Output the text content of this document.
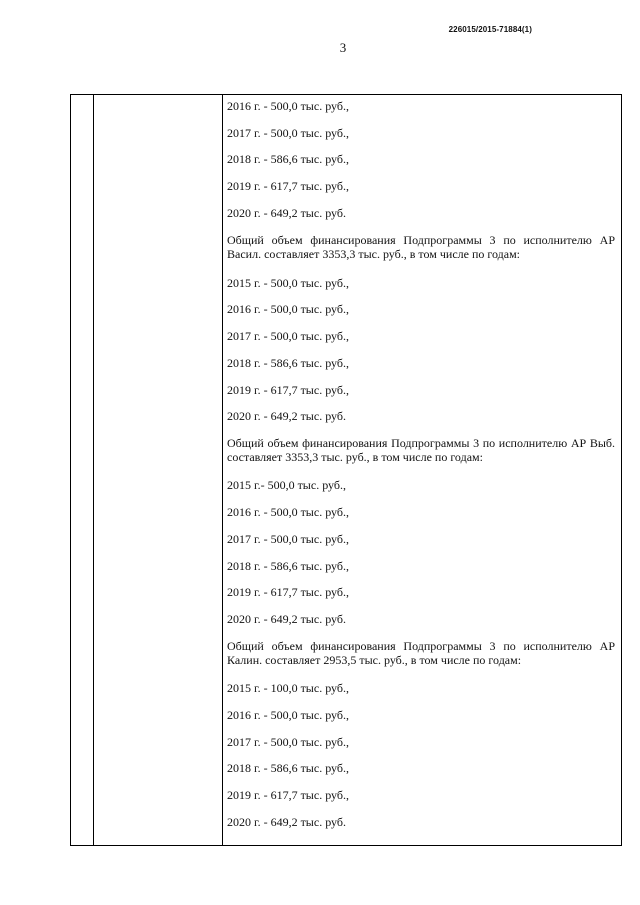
226015/2015-71884(1)
3
2016 г. - 500,0 тыс. руб.,
2017 г. - 500,0 тыс. руб.,
2018 г. - 586,6 тыс. руб.,
2019 г. - 617,7 тыс. руб.,
2020 г. - 649,2 тыс. руб.
Общий объем финансирования Подпрограммы 3 по исполнителю АР Васил. составляет 3353,3 тыс. руб., в том числе по годам:
2015 г. - 500,0 тыс. руб.,
2016 г. - 500,0 тыс. руб.,
2017 г. - 500,0 тыс. руб.,
2018 г. - 586,6 тыс. руб.,
2019 г. - 617,7 тыс. руб.,
2020 г. - 649,2 тыс. руб.
Общий объем финансирования Подпрограммы 3 по исполнителю АР Выб. составляет 3353,3 тыс. руб., в том числе по годам:
2015 г.- 500,0 тыс. руб.,
2016 г. - 500,0 тыс. руб.,
2017 г. - 500,0 тыс. руб.,
2018 г. - 586,6 тыс. руб.,
2019 г. - 617,7 тыс. руб.,
2020 г. - 649,2 тыс. руб.
Общий объем финансирования Подпрограммы 3 по исполнителю АР Калин. составляет 2953,5 тыс. руб., в том числе по годам:
2015 г. - 100,0 тыс. руб.,
2016 г. - 500,0 тыс. руб.,
2017 г. - 500,0 тыс. руб.,
2018 г. - 586,6 тыс. руб.,
2019 г. - 617,7 тыс. руб.,
2020 г. - 649,2 тыс. руб.
